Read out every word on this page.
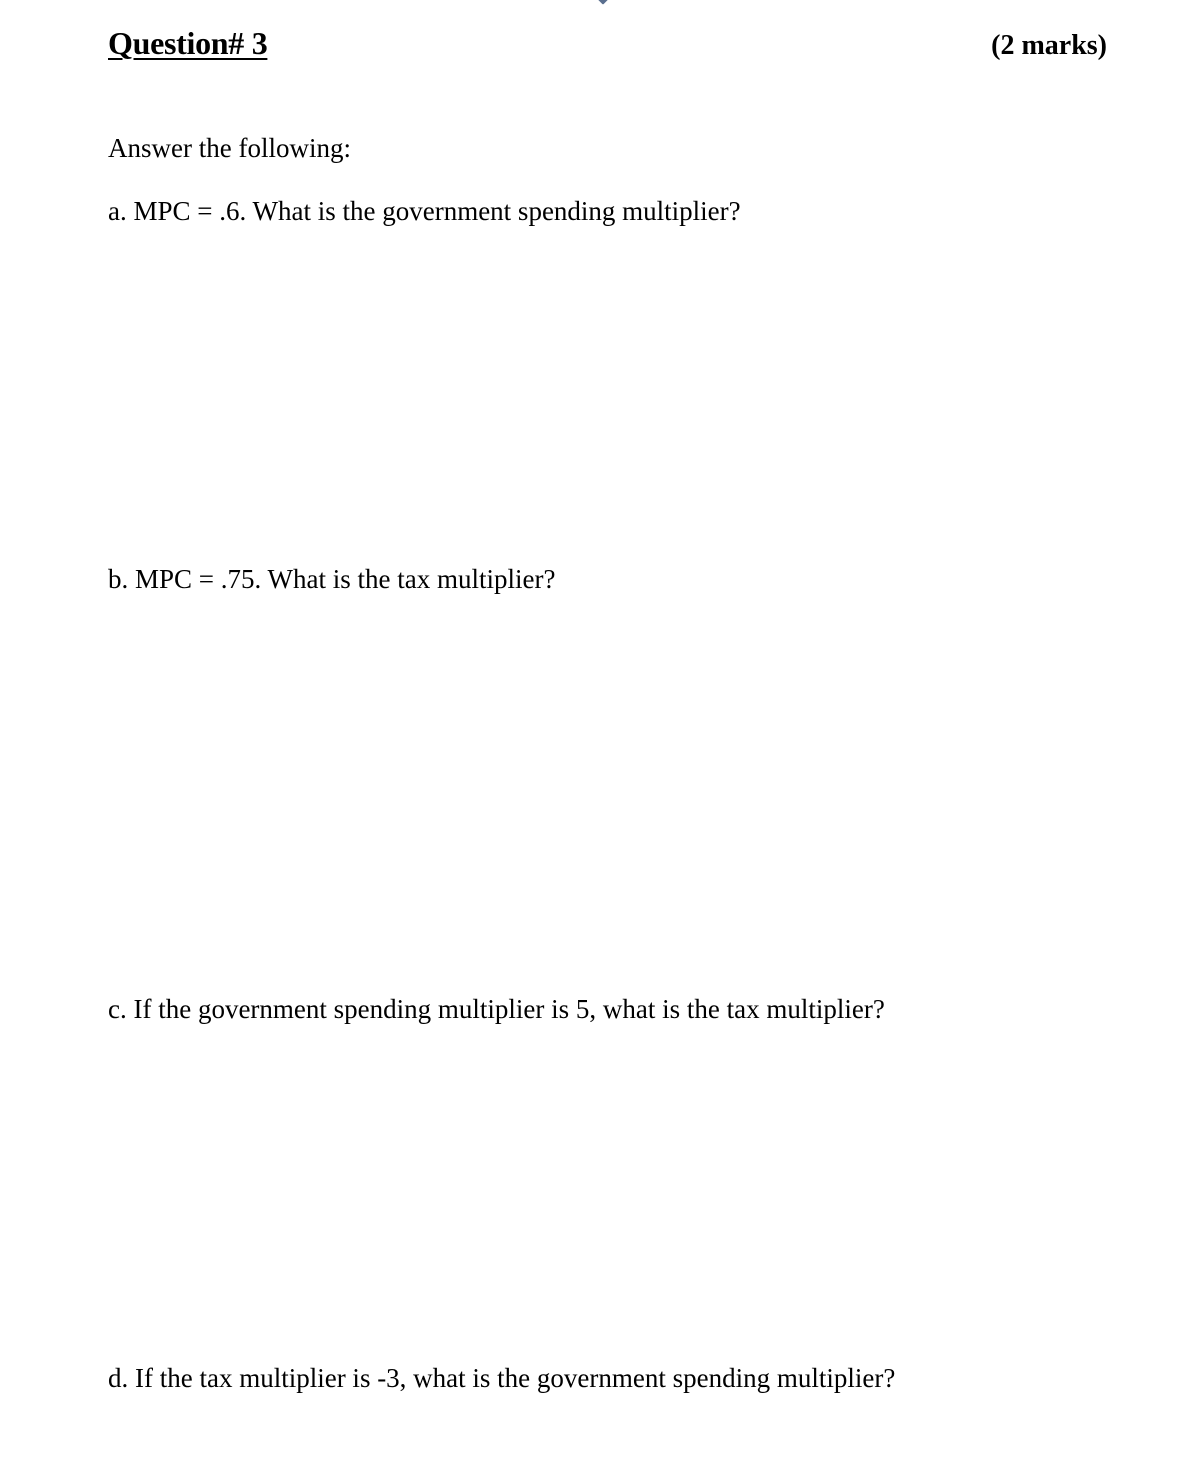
Question# 3	(2 marks)
Answer the following:
a. MPC = .6. What is the government spending multiplier?
b. MPC = .75. What is the tax multiplier?
c. If the government spending multiplier is 5, what is the tax multiplier?
d. If the tax multiplier is -3, what is the government spending multiplier?
